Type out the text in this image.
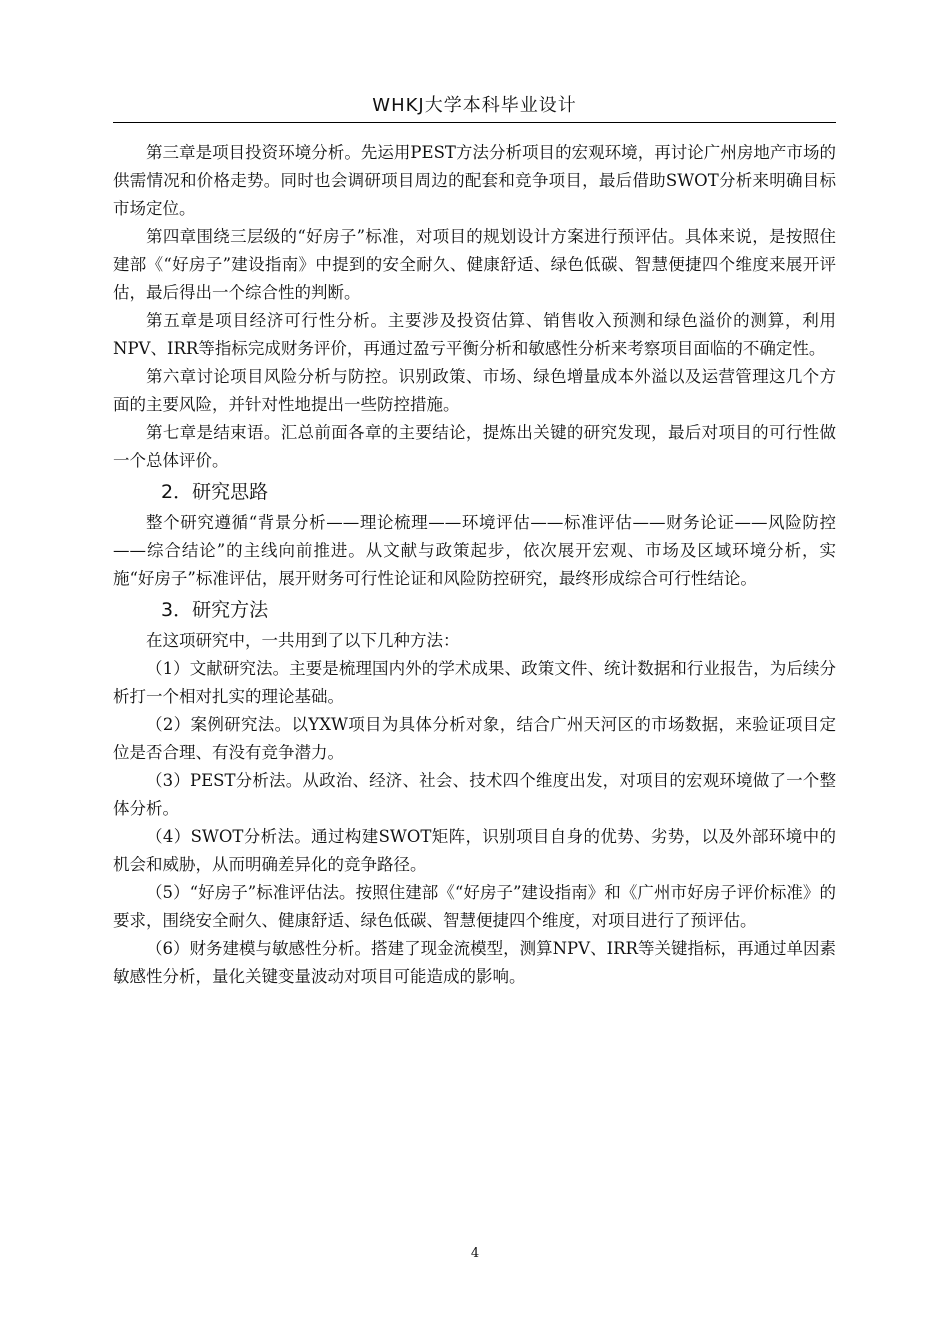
WHKJ大学本科毕业设计

第三章是项目投资环境分析。先运用PEST方法分析项目的宏观环境，再讨论广州房地产市场的供需情况和价格走势。同时也会调研项目周边的配套和竞争项目，最后借助SWOT分析来明确目标市场定位。

第四章围绕三层级的“好房子”标准，对项目的规划设计方案进行预评估。具体来说，是按照住建部《“好房子”建设指南》中提到的安全耐久、健康舒适、绿色低碳、智慧便捷四个维度来展开评估，最后得出一个综合性的判断。

第五章是项目经济可行性分析。主要涉及投资估算、销售收入预测和绿色溢价的测算，利用NPV、IRR等指标完成财务评价，再通过盈亏平衡分析和敏感性分析来考察项目面临的不确定性。

第六章讨论项目风险分析与防控。识别政策、市场、绿色增量成本外溢以及运营管理这几个方面的主要风险，并针对性地提出一些防控措施。

第七章是结束语。汇总前面各章的主要结论，提炼出关键的研究发现，最后对项目的可行性做一个总体评价。

2．研究思路

整个研究遵循“背景分析——理论梳理——环境评估——标准评估——财务论证——风险防控——综合结论”的主线向前推进。从文献与政策起步，依次展开宏观、市场及区域环境分析，实施“好房子”标准评估，展开财务可行性论证和风险防控研究，最终形成综合可行性结论。

3．研究方法

在这项研究中，一共用到了以下几种方法：

（1）文献研究法。主要是梳理国内外的学术成果、政策文件、统计数据和行业报告，为后续分析打一个相对扎实的理论基础。

（2）案例研究法。以YXW项目为具体分析对象，结合广州天河区的市场数据，来验证项目定位是否合理、有没有竞争潜力。

（3）PEST分析法。从政治、经济、社会、技术四个维度出发，对项目的宏观环境做了一个整体分析。

（4）SWOT分析法。通过构建SWOT矩阵，识别项目自身的优势、劣势，以及外部环境中的机会和威胁，从而明确差异化的竞争路径。

（5）“好房子”标准评估法。按照住建部《“好房子”建设指南》和《广州市好房子评价标准》的要求，围绕安全耐久、健康舒适、绿色低碳、智慧便捷四个维度，对项目进行了预评估。

（6）财务建模与敏感性分析。搭建了现金流模型，测算NPV、IRR等关键指标，再通过单因素敏感性分析，量化关键变量波动对项目可能造成的影响。

4
